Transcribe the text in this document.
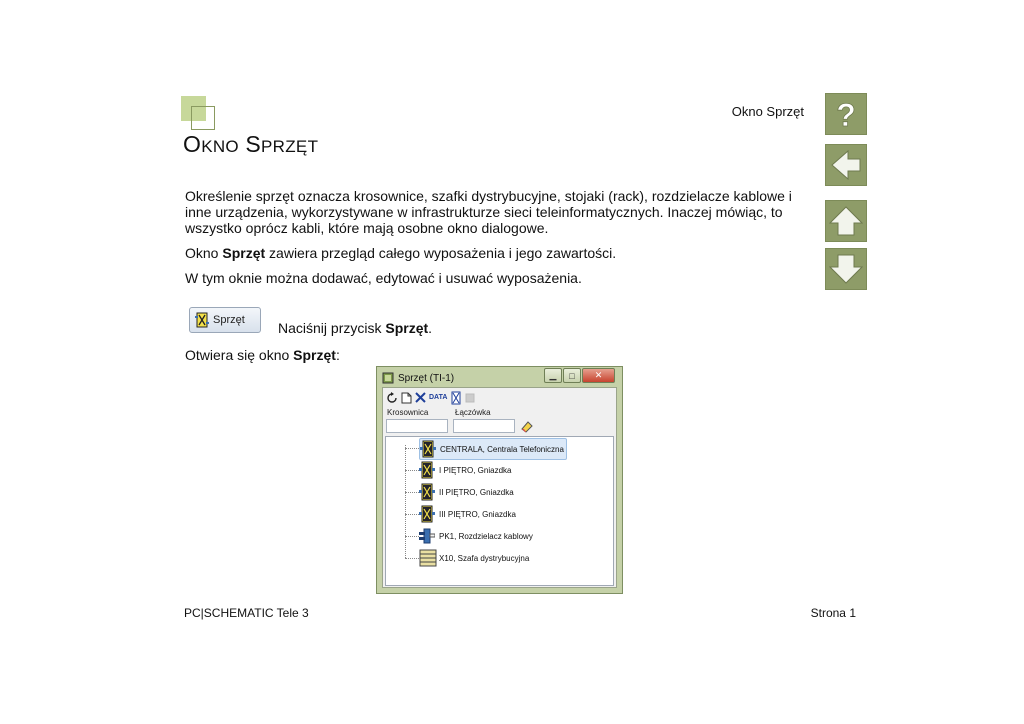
Okno Sprzęt
OKNO SPRZĘT
Określenie sprzęt oznacza krosownice, szafki dystrybucyjne, stojaki (rack), rozdzielacze kablowe i inne urządzenia, wykorzystywane w infrastrukturze sieci teleinformatycznych. Inaczej mówiąc, to wszystko oprócz kabli, które mają osobne okno dialogowe.
Okno Sprzęt zawiera przegląd całego wyposażenia i jego zawartości.
W tym oknie można dodawać, edytować i usuwać wyposażenia.
Sprzęt Naciśnij przycisk Sprzęt.
Otwiera się okno Sprzęt:
?
Sprzęt (TI-1)	▁	□	✕
DATA
Krosownica	Łączówka
CENTRALA, Centrala Telefoniczna
I PIĘTRO, Gniazdka
II PIĘTRO, Gniazdka
III PIĘTRO, Gniazdka
PK1, Rozdzielacz kablowy
X10, Szafa dystrybucyjna
PC|SCHEMATIC Tele 3	Strona 1
